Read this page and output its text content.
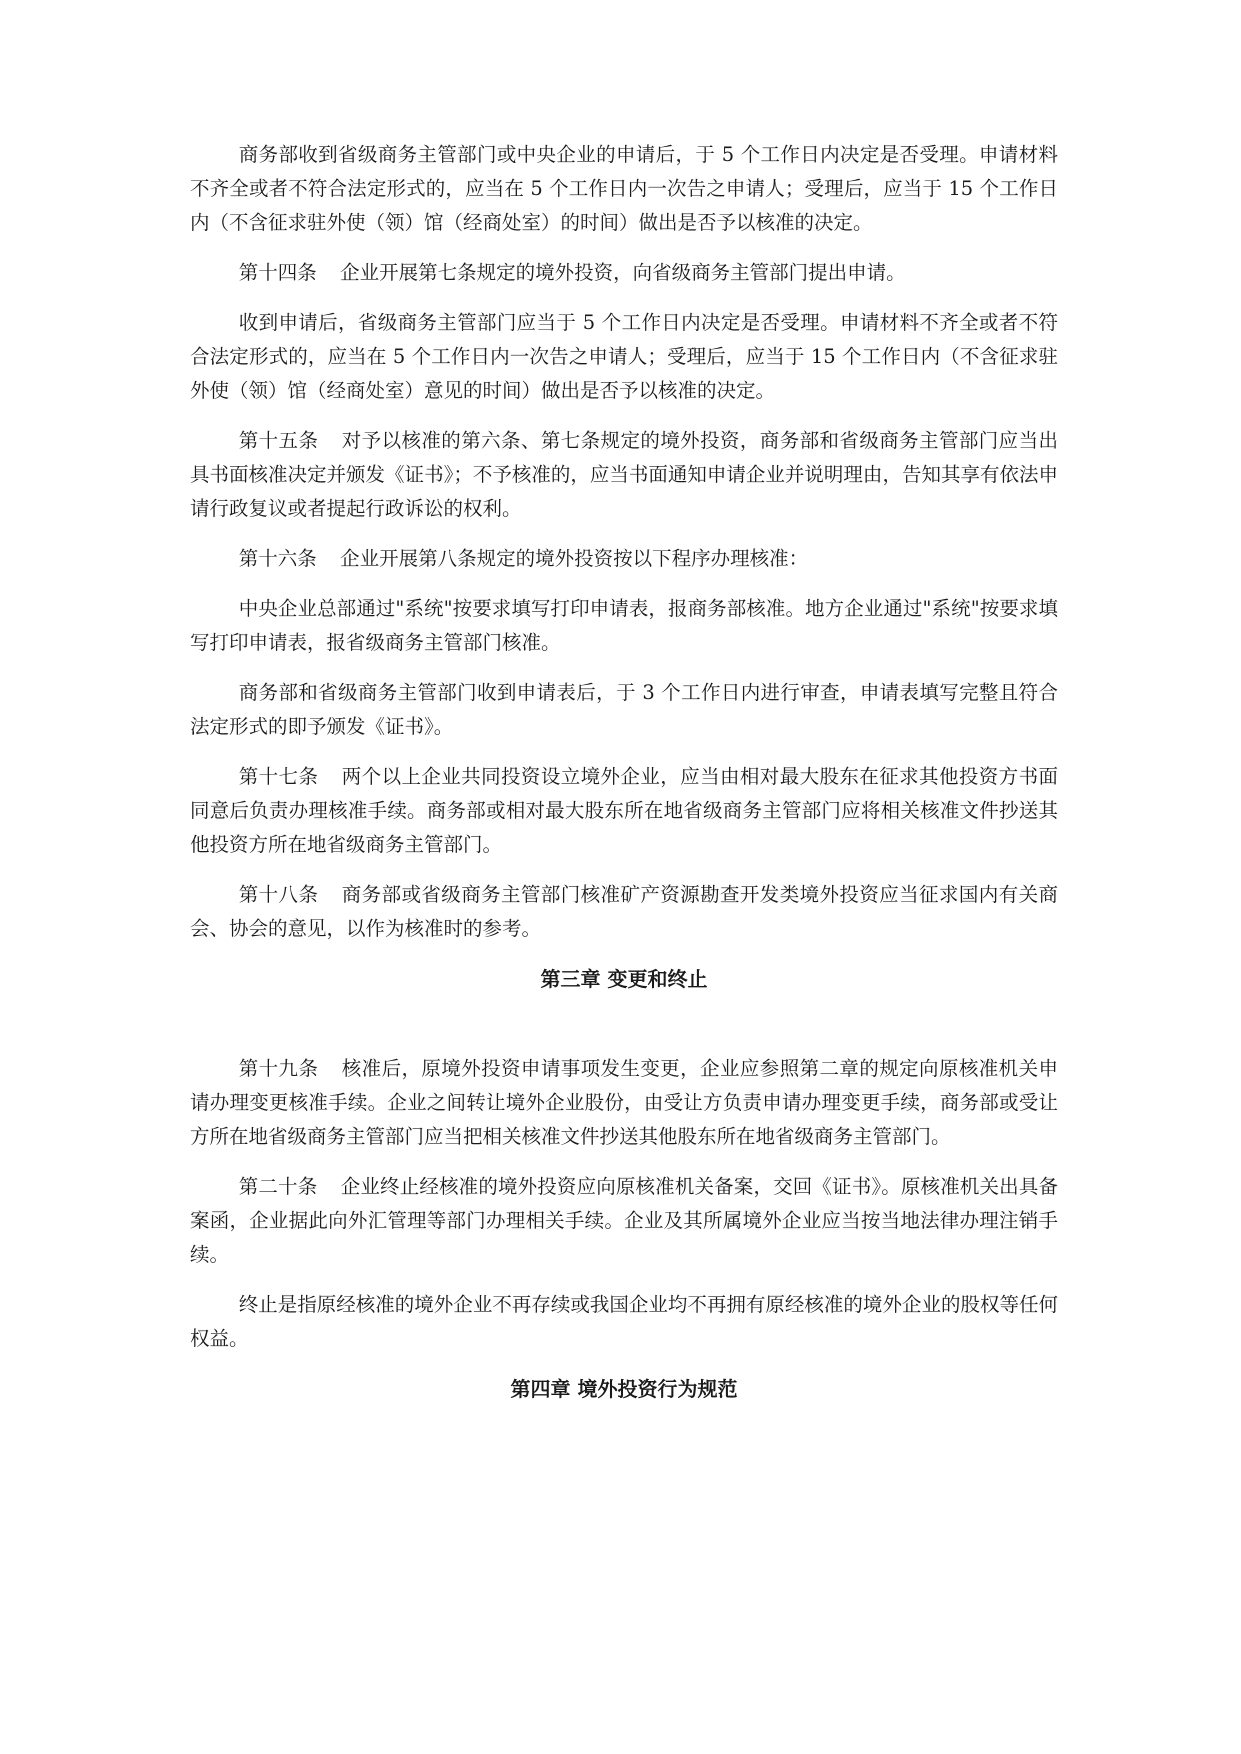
商务部收到省级商务主管部门或中央企业的申请后，于 5 个工作日内决定是否受理。申请材料不齐全或者不符合法定形式的，应当在 5 个工作日内一次告之申请人；受理后，应当于 15 个工作日内（不含征求驻外使（领）馆（经商处室）的时间）做出是否予以核准的决定。

第十四条 企业开展第七条规定的境外投资，向省级商务主管部门提出申请。

收到申请后，省级商务主管部门应当于 5 个工作日内决定是否受理。申请材料不齐全或者不符合法定形式的，应当在 5 个工作日内一次告之申请人；受理后，应当于 15 个工作日内（不含征求驻外使（领）馆（经商处室）意见的时间）做出是否予以核准的决定。

第十五条 对予以核准的第六条、第七条规定的境外投资，商务部和省级商务主管部门应当出具书面核准决定并颁发《证书》；不予核准的，应当书面通知申请企业并说明理由，告知其享有依法申请行政复议或者提起行政诉讼的权利。

第十六条 企业开展第八条规定的境外投资按以下程序办理核准：

中央企业总部通过"系统"按要求填写打印申请表，报商务部核准。地方企业通过"系统"按要求填写打印申请表，报省级商务主管部门核准。

商务部和省级商务主管部门收到申请表后，于 3 个工作日内进行审查，申请表填写完整且符合法定形式的即予颁发《证书》。

第十七条 两个以上企业共同投资设立境外企业，应当由相对最大股东在征求其他投资方书面同意后负责办理核准手续。商务部或相对最大股东所在地省级商务主管部门应将相关核准文件抄送其他投资方所在地省级商务主管部门。

第十八条 商务部或省级商务主管部门核准矿产资源勘查开发类境外投资应当征求国内有关商会、协会的意见，以作为核准时的参考。

第三章 变更和终止

第十九条 核准后，原境外投资申请事项发生变更，企业应参照第二章的规定向原核准机关申请办理变更核准手续。企业之间转让境外企业股份，由受让方负责申请办理变更手续，商务部或受让方所在地省级商务主管部门应当把相关核准文件抄送其他股东所在地省级商务主管部门。

第二十条 企业终止经核准的境外投资应向原核准机关备案，交回《证书》。原核准机关出具备案函，企业据此向外汇管理等部门办理相关手续。企业及其所属境外企业应当按当地法律办理注销手续。

终止是指原经核准的境外企业不再存续或我国企业均不再拥有原经核准的境外企业的股权等任何权益。

第四章 境外投资行为规范
